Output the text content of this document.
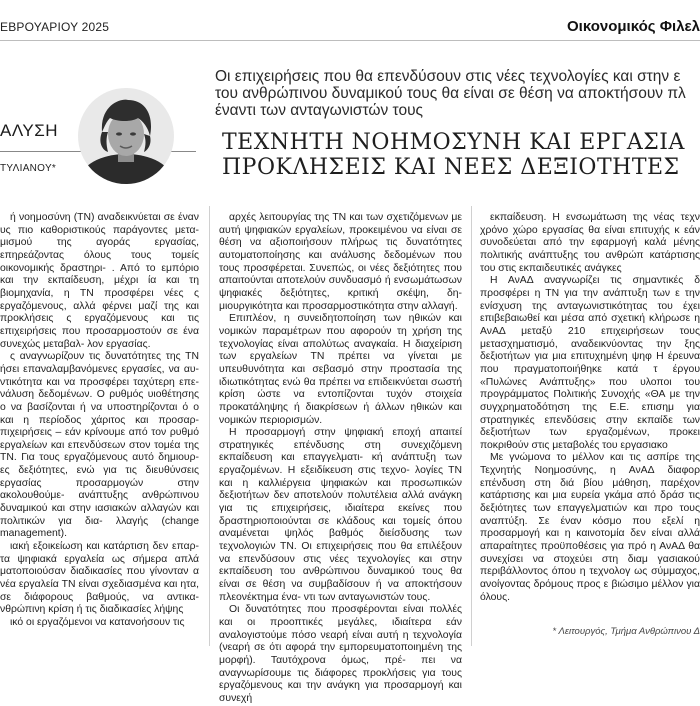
ΕΒΡΟΥΑΡΙΟΥ 2025	Οικονομικός Φιλελ
ΑΛΥΣΗ
ΤΥΛΙΑΝΟΥ*
Οι επιχειρήσεις που θα επενδύσουν στις νέες τεχνολογίες και στην ε του ανθρώπινου δυναμικού τους θα είναι σε θέση να αποκτήσουν πλ έναντι των ανταγωνιστών τους
ΤΕΧΝΗΤΗ ΝΟΗΜΟΣΥΝΗ ΚΑΙ ΕΡΓΑΣΙΑ
ΠΡΟΚΛΗΣΕΙΣ ΚΑΙ ΝΕΕΣ ΔΕΞΙΟΤΗΤΕΣ

ή νοημοσύνη (ΤΝ) αναδεικνύεται σε έναν υς πιο καθοριστικούς παράγοντες μετα- μισμού της αγοράς εργασίας, επηρεάζοντας όλους τους τομείς οικονομικής δραστηρι- . Από το εμπόριο και την εκπαίδευση, μέχρι ία και τη βιομηχανία, η ΤΝ προσφέρει νέες ς εργαζόμενους, αλλά φέρνει μαζί της και προκλήσεις ς εργαζόμενους και τις επιχειρήσεις που προσαρμοστούν σε ένα συνεχώς μεταβαλ- λον εργασίας.

ς αναγνωρίζουν τις δυνατότητες της ΤΝ ήσει επαναλαμβανόμενες εργασίες, να αυ- ντικότητα και να προσφέρει ταχύτερη επε- νάλυση δεδομένων. Ο ρυθμός υιοθέτησης ο να βασίζονται ή να υποστηρίζονται ό ο και η περίοδος χάριτος και προσαρ- πιχειρήσεις – εάν κρίνουμε από τον ρυθμό εργαλείων και επενδύσεων στον τομέα της ΤΝ. Για τους εργαζόμενους αυτό δημιουρ- ες δεξιότητες, ενώ για τις διευθύνσεις εργασίας προσαρμογών στην ακολουθούμε- ανάπτυξης ανθρώπινου δυναμικού και στην ιασιακών αλλαγών και πολιτικών για δια- λλαγής (change management).

ιακή εξοικείωση και κατάρτιση δεν επαρ- τα ψηφιακά εργαλεία ως σήμερα απλά ματοποιούσαν διαδικασίες που γίνονταν α νέα εργαλεία ΤΝ είναι σχεδιασμένα και ητα, σε διάφορους βαθμούς, να αντικα- νθρώπινη κρίση ή τις διαδικασίες λήψης

ικό οι εργαζόμενοι να κατανοήσουν τις

αρχές λειτουργίας της ΤΝ και των σχετιζόμενων με αυτή ψηφιακών εργαλείων, προκειμένου να είναι σε θέση να αξιοποιήσουν πλήρως τις δυνατότητες αυτοματοποίησης και ανάλυσης δεδομένων που τους προσφέρεται. Συνεπώς, οι νέες δεξιότητες που απαιτούνται αποτελούν συνδυασμό ή ενσωμάτωσων ψηφιακές δεξιότητες, κριτική σκέψη, δη- μιουργικότητα και προσαρμοστικότητα στην αλλαγή.

Επιπλέον, η συνειδητοποίηση των ηθικών και νομικών παραμέτρων που αφορούν τη χρήση της τεχνολογίας είναι απολύτως αναγκαία. Η διαχείριση των εργαλείων ΤΝ πρέπει να γίνεται με υπευθυνότητα και σεβασμό στην προστασία της ιδιωτικότητας ενώ θα πρέπει να επιδεικνύεται σωστή κρίση ώστε να εντοπίζονται τυχόν στοιχεία προκατάληψης ή διακρίσεων ή άλλων ηθικών και νομικών περιορισμών.

Η προσαρμογή στην ψηφιακή εποχή απαιτεί στρατηγικές επένδυσης στη συνεχιζόμενη εκπαίδευση και επαγγελματι- κή ανάπτυξη των εργαζομένων. Η εξειδίκευση στις τεχνο- λογίες ΤΝ και η καλλιέργεια ψηφιακών και προσωπικών δεξιοτήτων δεν αποτελούν πολυτέλεια αλλά ανάγκη για τις επιχειρήσεις, ιδιαίτερα εκείνες που δραστηριοποιούνται σε κλάδους και τομείς όπου αναμένεται ψηλός βαθμός διείσδυσης των τεχνολογιών ΤΝ. Οι επιχειρήσεις που θα επιλέξουν να επενδύσουν στις νέες τεχνολογίες και στην εκπαίδευση του ανθρώπινου δυναμικού τους θα είναι σε θέση να συμβαδίσουν ή να αποκτήσουν πλεονέκτημα ένα- ντι των ανταγωνιστών τους.

Οι δυνατότητες που προσφέρονται είναι πολλές και οι προοπτικές μεγάλες, ιδιαίτερα εάν αναλογιστούμε πόσο νεαρή είναι αυτή η τεχνολογία (νεαρή σε ότι αφορά την εμπορευματοποιημένη της μορφή). Ταυτόχρονα όμως, πρέ- πει να αναγνωρίσουμε τις διάφορες προκλήσεις για τους εργαζόμενους και την ανάγκη για προσαρμογή και συνεχή

εκπαίδευση. Η ενσωμάτωση της νέας τεχν χρόνο χώρο εργασίας θα είναι επιτυχής κ εάν συνοδεύεται από την εφαρμογή καλά μένης πολιτικής ανάπτυξης του ανθρώπ κατάρτισης του στις εκπαιδευτικές ανάγκες

Η ΑνΑΔ αναγνωρίζει τις σημαντικές δ προσφέρει η ΤΝ για την ανάπτυξη των ε την ενίσχυση της ανταγωνιστικότητας του έχει επιβεβαιωθεί και μέσα από σχετική κλήρωσε η ΑνΑΔ μεταξύ 210 επιχειρήσεων τους μετασχηματισμό, αναδεικνύοντας την ξης δεξιοτήτων για μια επιτυχημένη ψηφ Η έρευνα που πραγματοποιήθηκε κατά τ έργου «Πυλώνες Ανάπτυξης» που υλοποι του προγράμματος Πολιτικής Συνοχής «ΘΑ με την συγχρηματοδότηση της Ε.Ε. επισημ για στρατηγικές επενδύσεις στην εκπαίδε των δεξιοτήτων των εργαζομένων, προκει ποκριθούν στις μεταβολές του εργασιακο

Με γνώμονα το μέλλον και τις ασπίρε της Τεχνητής Νοημοσύνης, η ΑνΑΔ διαφορ επένδυση στη διά βίου μάθηση, παρέχον κατάρτισης και μια ευρεία γκάμα από δράσ τις δεξιότητες των επαγγελματιών και προ τους αναπτύξη. Σε έναν κόσμο που εξελί η προσαρμογή και η καινοτομία δεν είναι αλλά απαραίτητες προϋποθέσεις για πρό η ΑνΑΔ θα συνεχίσει να στοχεύει στη διαμ γασιακού περιβάλλοντος όπου η τεχνολογ ως σύμμαχος, ανοίγοντας δρόμους προς ε βιώσιμο μέλλον για όλους.

* Λειτουργός, Τμήμα Ανθρώπινου Δ
